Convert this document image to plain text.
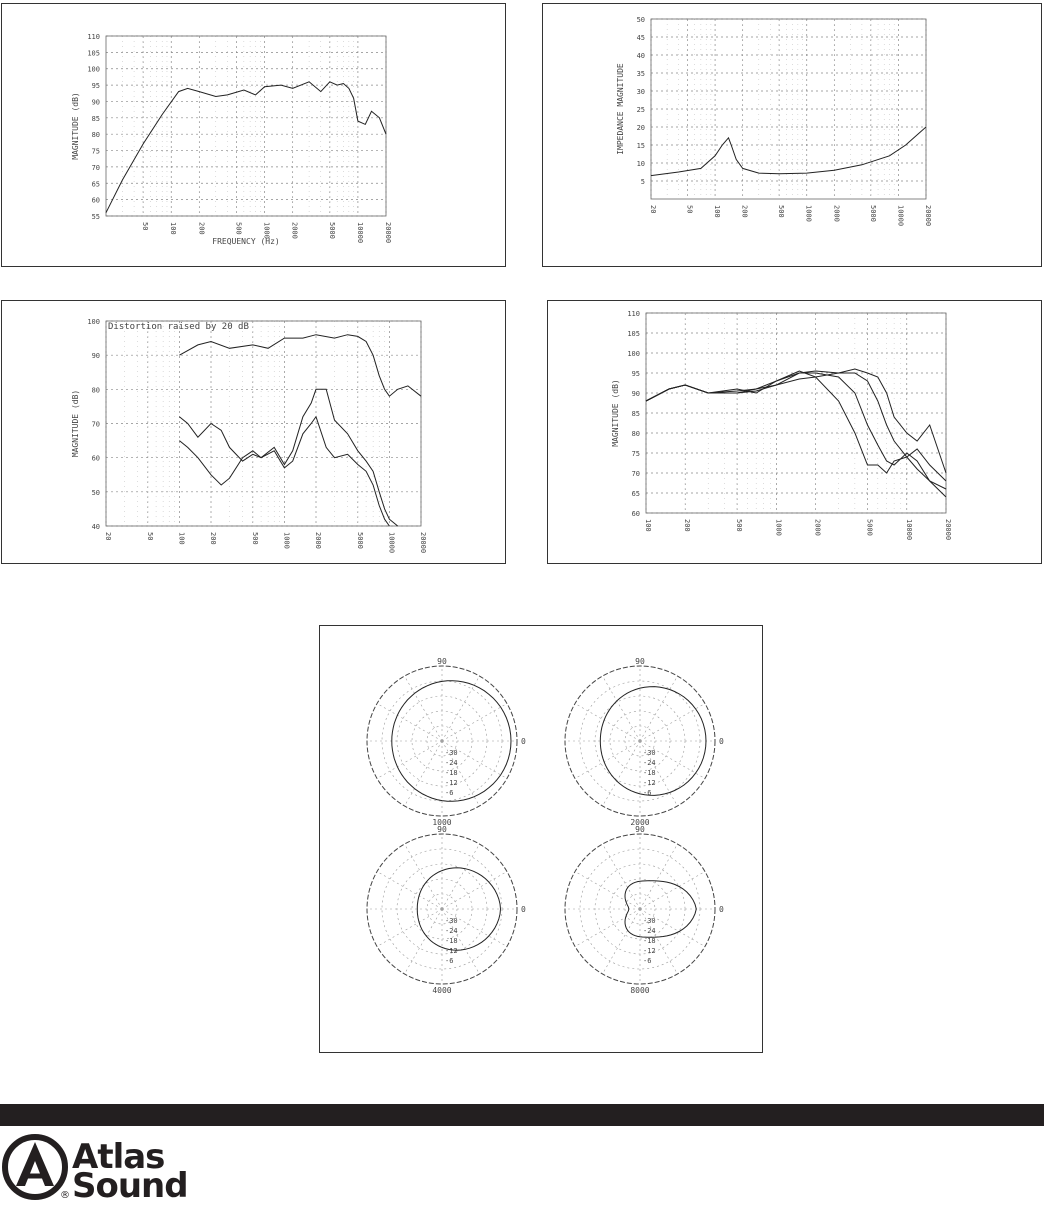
55
60
65
70
75
80
85
90
95
100
105
110
50	100	200	500	1000	2000	5000	10000	20000
MAGNITUDE (dB)
FREQUENCY (Hz)
5
10
15
20
25
30
35
40
45
50
20	50	100	200	500	1000	2000	5000	10000	20000
IMPEDANCE MAGNITUDE
40
50
60
70
80
90
100
20	50	100	200	500	1000	2000	5000	10000	20000
MAGNITUDE (dB)
Distortion raised by 20 dB
60
65
70
75
80
85
90
95
100
105
110
100	200	500	1000	2000	5000	10000	20000
MAGNITUDE (dB)
90
0
1000
-30
-24
-18
-12
-6
90
0
2000
-30
-24
-18
-12
-6
90
0
4000
-30
-24
-18
-12
-6
90
0
8000
-30
-24
-18
-12
-6
Atlas
Sound
®
